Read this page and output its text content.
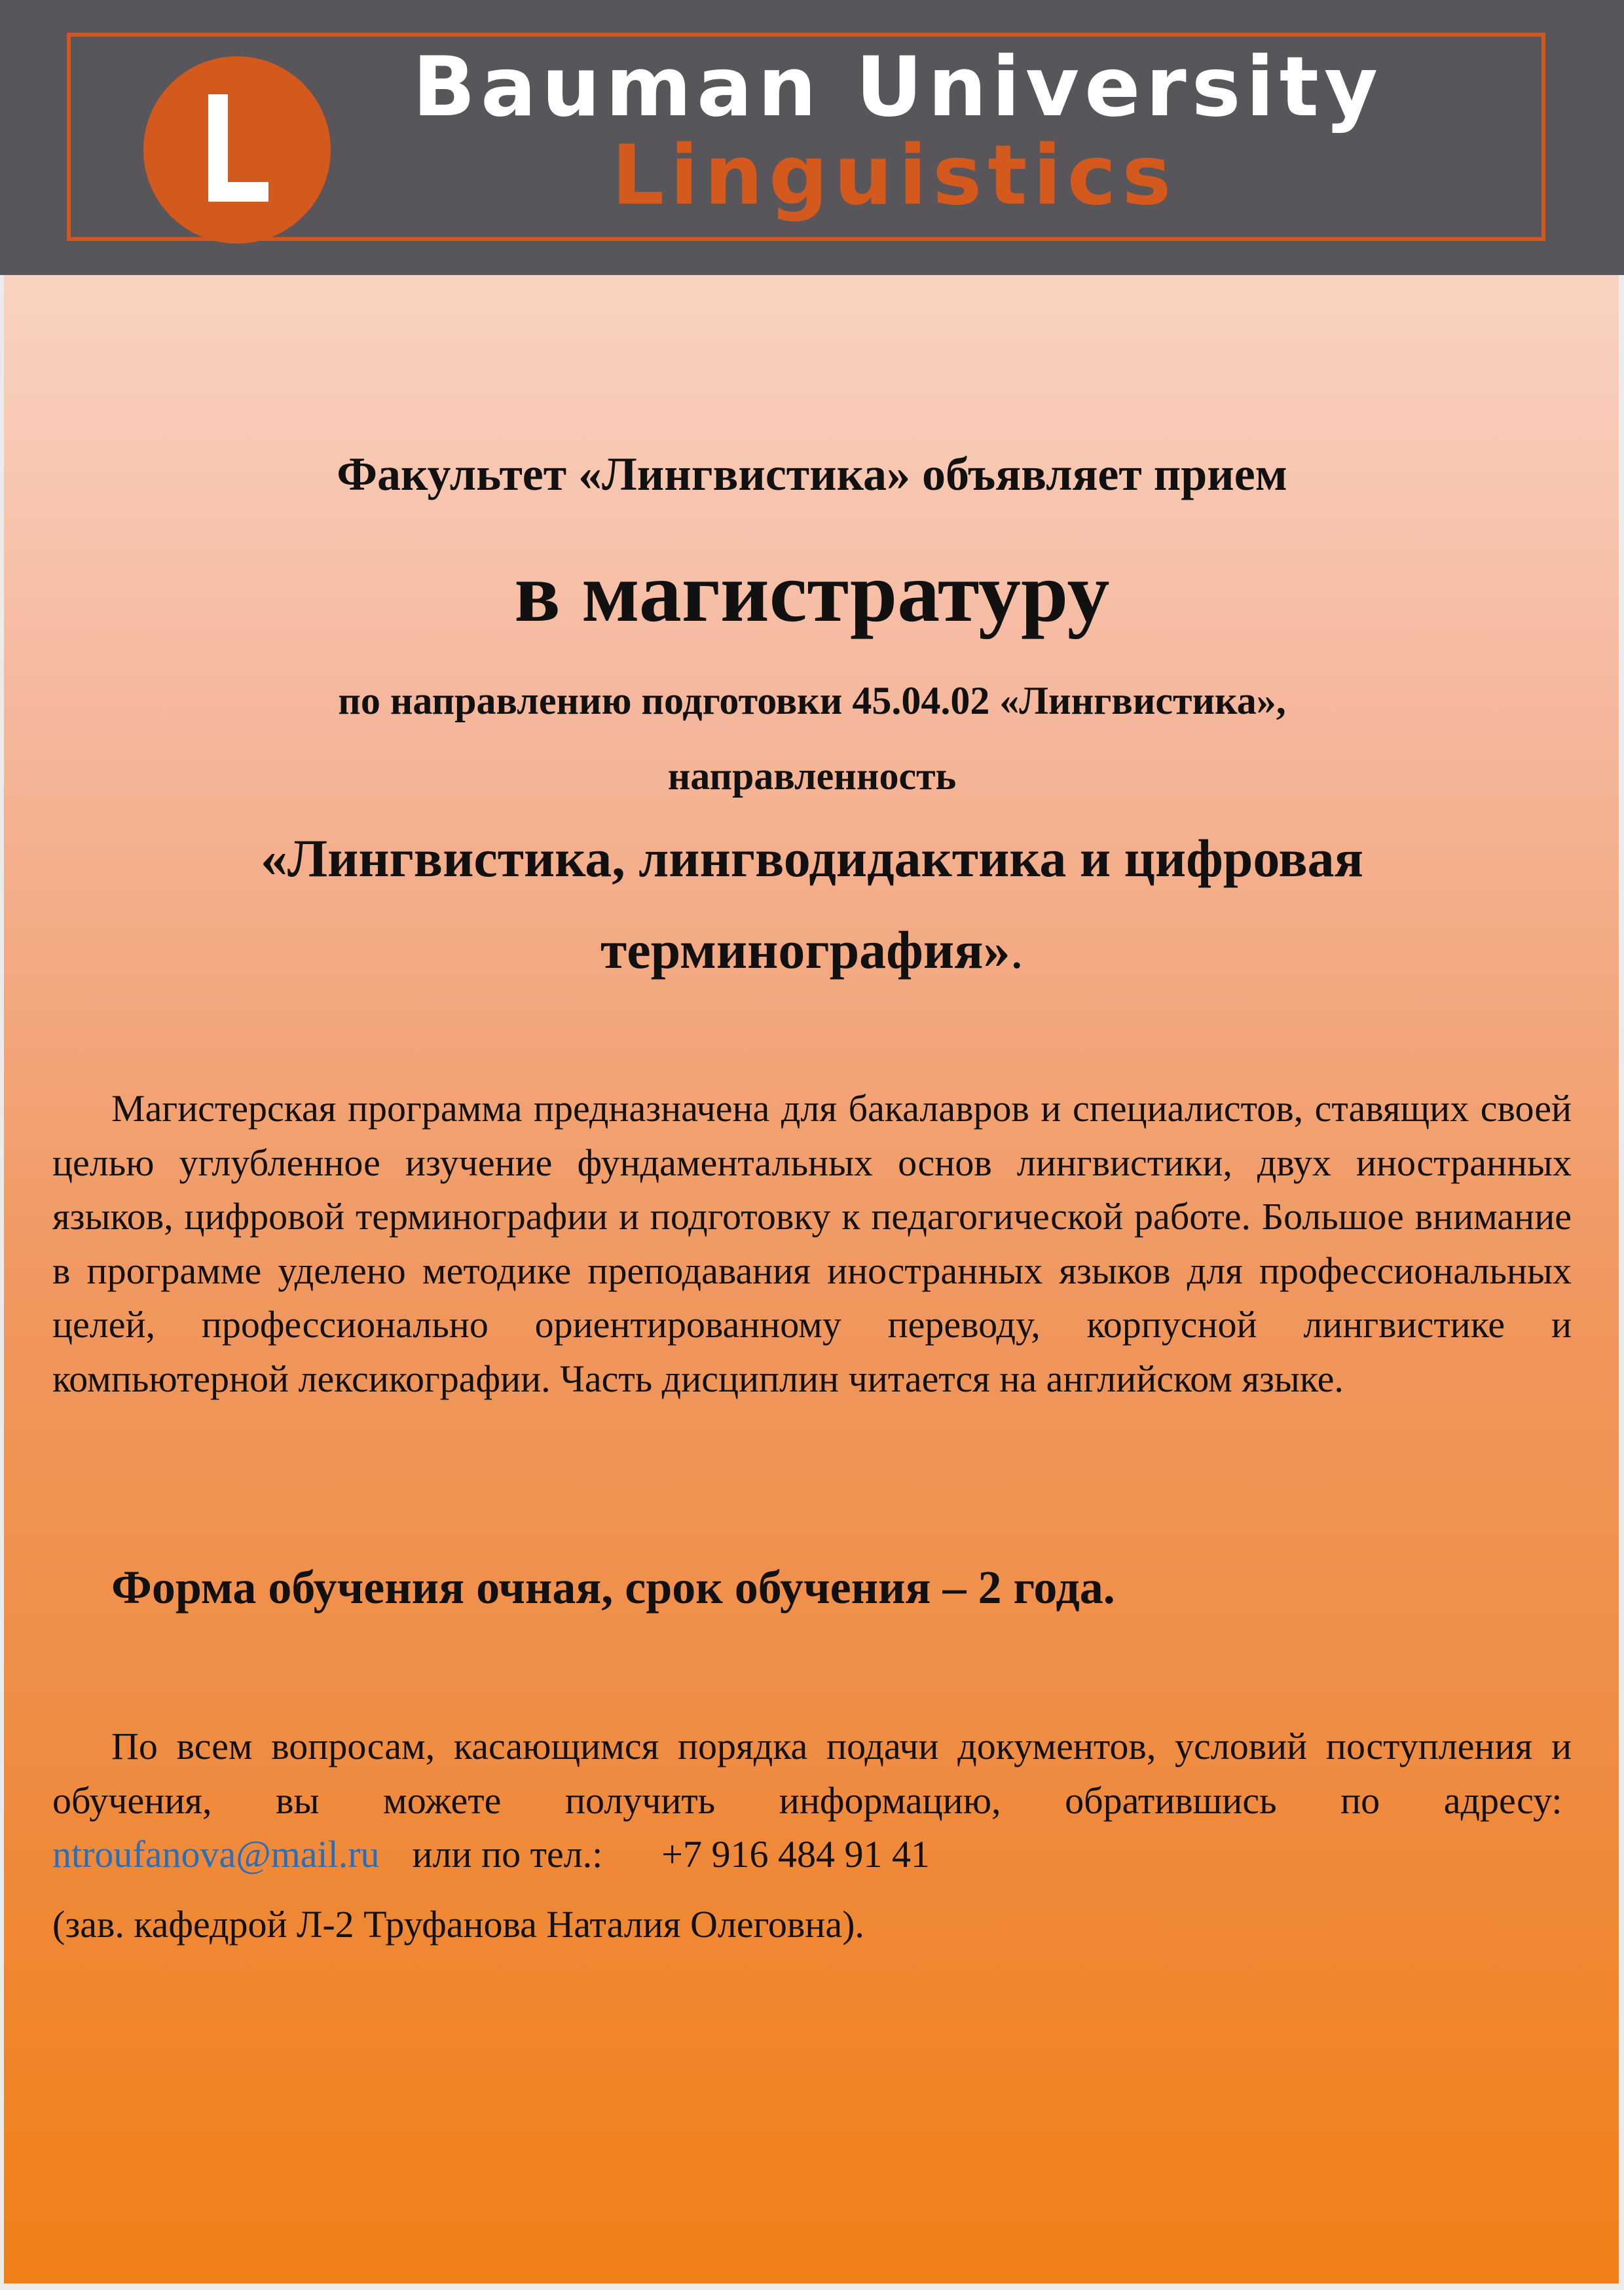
Bauman University
Linguistics
Факультет «Лингвистика» объявляет прием
в магистратуру
по направлению подготовки 45.04.02 «Лингвистика»,
направленность
«Лингвистика, лингводидактика и цифровая
терминография».
Магистерская программа предназначена для бакалавров и специалистов, ставящих своей целью углубленное изучение фундаментальных основ лингвистики, двух иностранных языков, цифровой терминографии и подготовку к педагогической работе. Большое внимание в программе уделено методике преподавания иностранных языков для профессиональных целей, профессионально ориентированному переводу, корпусной лингвистике и компьютерной лексикографии. Часть дисциплин читается на английском языке.
Форма обучения очная, срок обучения – 2 года.
По всем вопросам, касающимся порядка подачи документов, условий поступления и обучения, вы можете получить информацию, обратившись по адресу:  ntroufanova@mail.ru или по тел.: +7 916 484 91 41
(зав. кафедрой Л-2 Труфанова Наталия Олеговна).
